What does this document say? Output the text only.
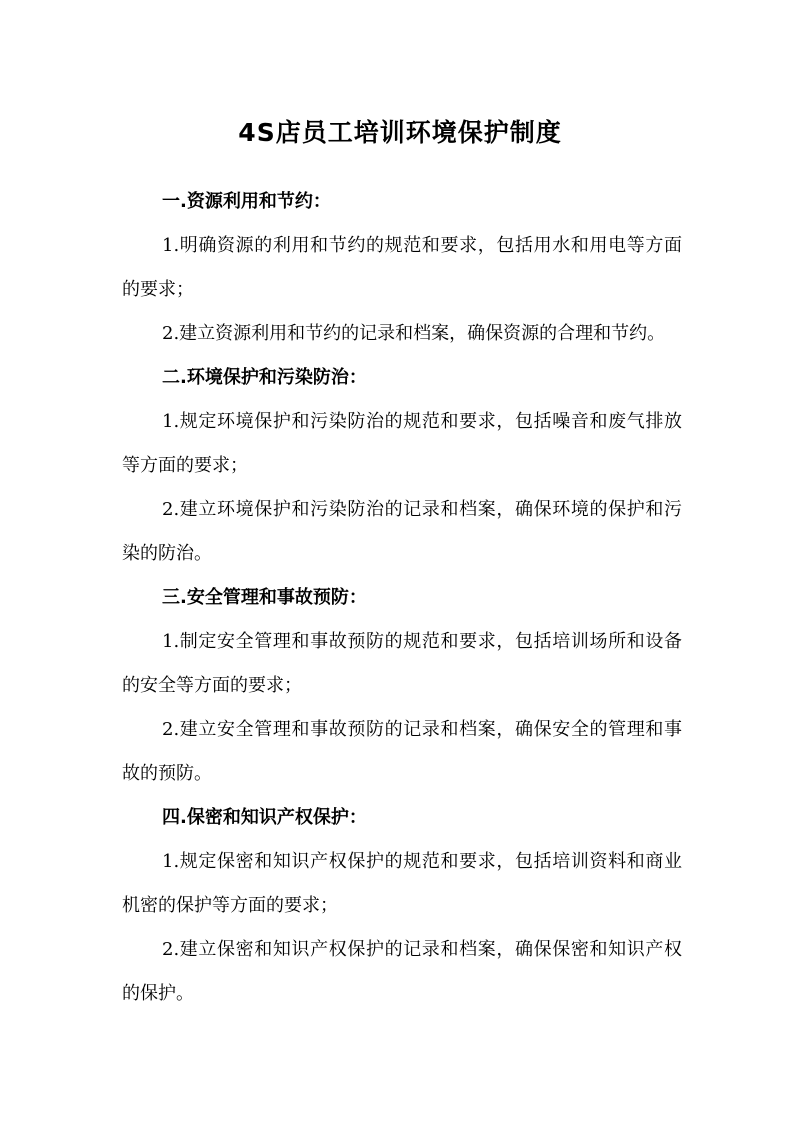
4S店员工培训环境保护制度

一.资源利用和节约：

1.明确资源的利用和节约的规范和要求，包括用水和用电等方面的要求；

2.建立资源利用和节约的记录和档案，确保资源的合理和节约。

二.环境保护和污染防治：

1.规定环境保护和污染防治的规范和要求，包括噪音和废气排放等方面的要求；

2.建立环境保护和污染防治的记录和档案，确保环境的保护和污染的防治。

三.安全管理和事故预防：

1.制定安全管理和事故预防的规范和要求，包括培训场所和设备的安全等方面的要求；

2.建立安全管理和事故预防的记录和档案，确保安全的管理和事故的预防。

四.保密和知识产权保护：

1.规定保密和知识产权保护的规范和要求，包括培训资料和商业机密的保护等方面的要求；

2.建立保密和知识产权保护的记录和档案，确保保密和知识产权的保护。
